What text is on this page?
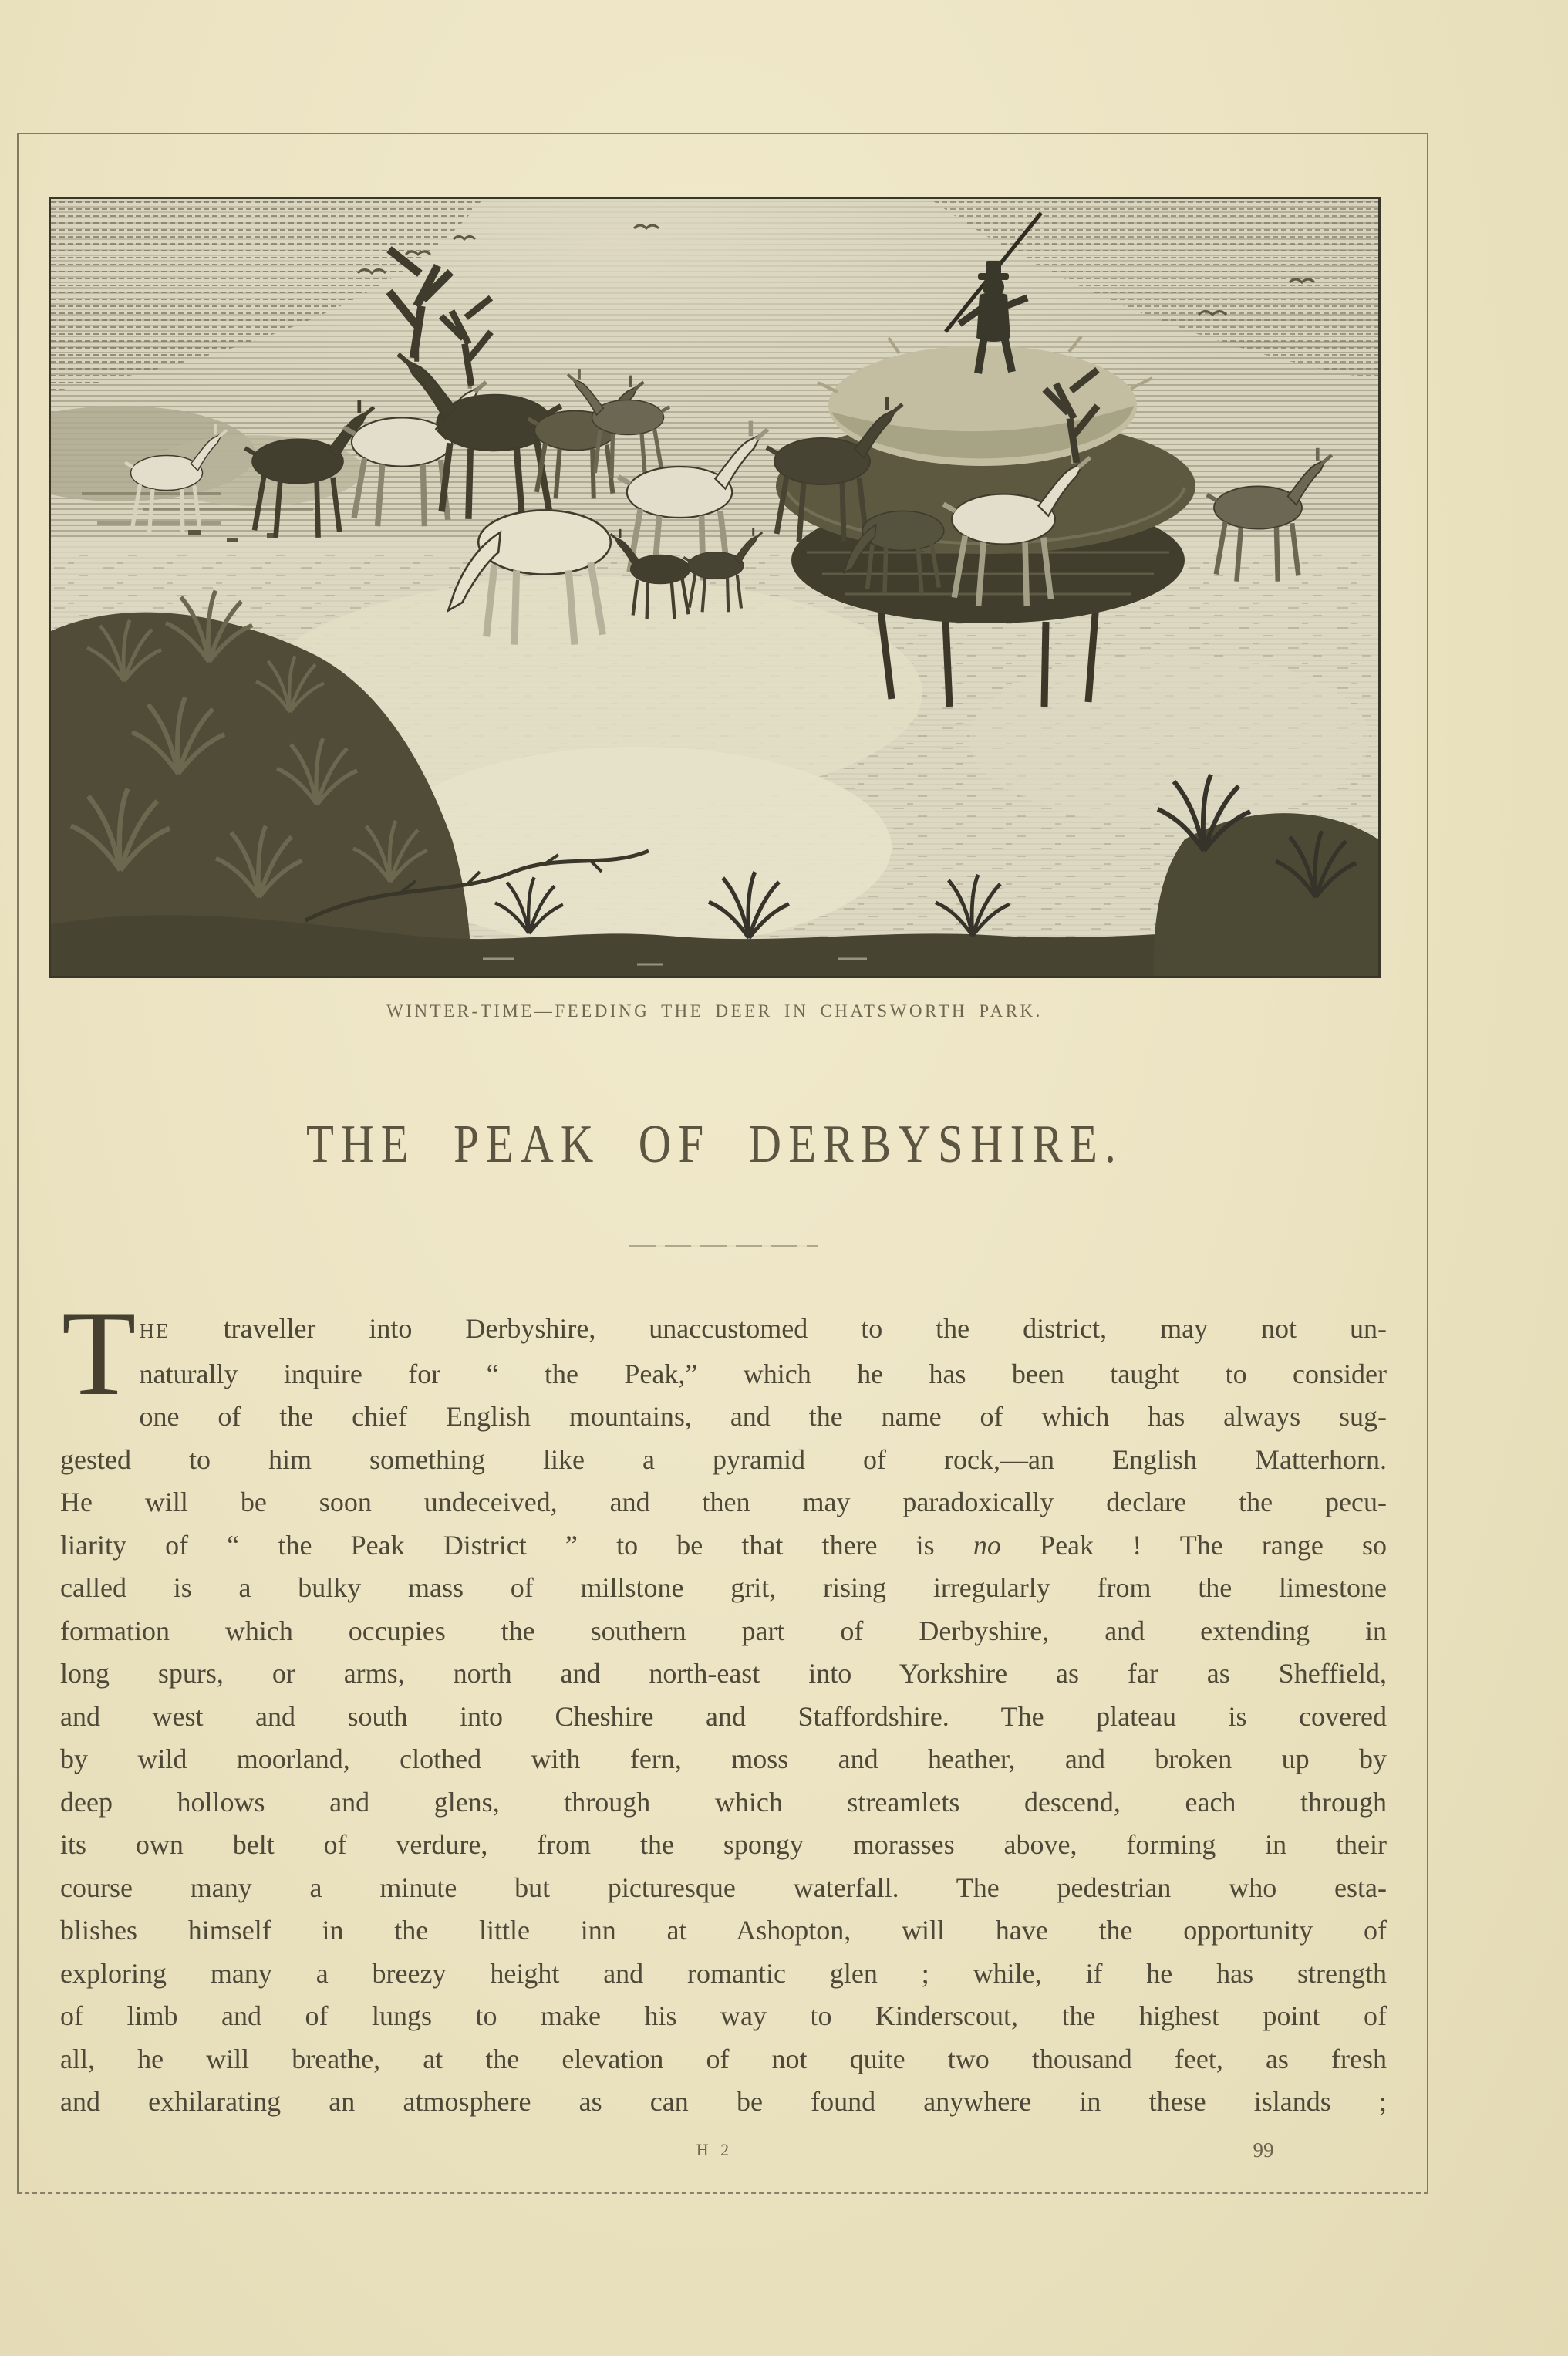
WINTER-TIME—FEEDING THE DEER IN CHATSWORTH PARK.
THE PEAK OF DERBYSHIRE.
T HE traveller into Derbyshire, unaccustomed to the district, may not un-
naturally inquire for “ the Peak,” which he has been taught to consider
one of the chief English mountains, and the name of which has always sug-
gested to him something like a pyramid of rock,—an English Matterhorn.
He will be soon undeceived, and then may paradoxically declare the pecu-
liarity of “ the Peak District ” to be that there is no Peak ! The range so
called is a bulky mass of millstone grit, rising irregularly from the limestone
formation which occupies the southern part of Derbyshire, and extending in
long spurs, or arms, north and north-east into Yorkshire as far as Sheffield,
and west and south into Cheshire and Staffordshire. The plateau is covered
by wild moorland, clothed with fern, moss and heather, and broken up by
deep hollows and glens, through which streamlets descend, each through
its own belt of verdure, from the spongy morasses above, forming in their
course many a minute but picturesque waterfall. The pedestrian who esta-
blishes himself in the little inn at Ashopton, will have the opportunity of
exploring many a breezy height and romantic glen ; while, if he has strength
of limb and of lungs to make his way to Kinderscout, the highest point of
all, he will breathe, at the elevation of not quite two thousand feet, as fresh
and exhilarating an atmosphere as can be found anywhere in these islands ;
H 2	99
